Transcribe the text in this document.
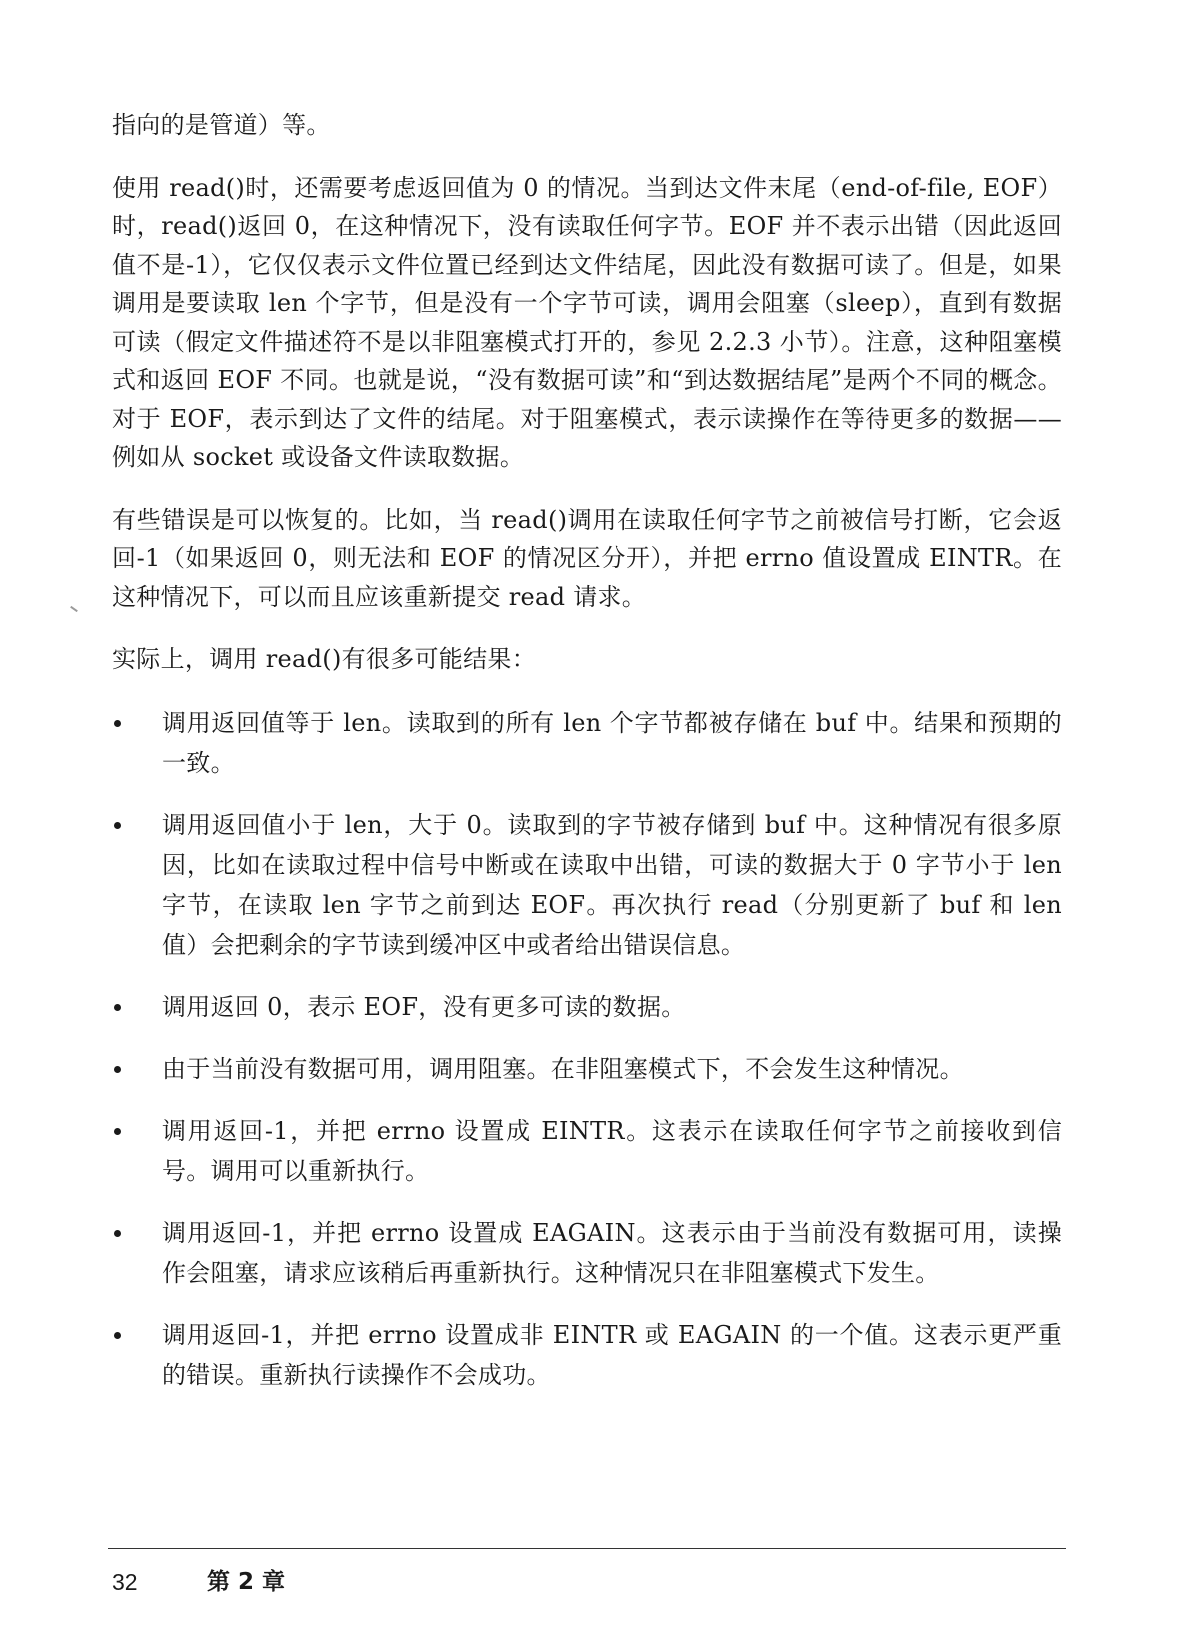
指向的是管道）等。

使用 read()时，还需要考虑返回值为 0 的情况。当到达文件末尾（end-of-file, EOF）时，read()返回 0，在这种情况下，没有读取任何字节。EOF 并不表示出错（因此返回值不是-1），它仅仅表示文件位置已经到达文件结尾，因此没有数据可读了。但是，如果调用是要读取 len 个字节，但是没有一个字节可读，调用会阻塞（sleep），直到有数据可读（假定文件描述符不是以非阻塞模式打开的，参见 2.2.3 小节）。注意，这种阻塞模式和返回 EOF 不同。也就是说，“没有数据可读”和“到达数据结尾”是两个不同的概念。对于 EOF，表示到达了文件的结尾。对于阻塞模式，表示读操作在等待更多的数据——例如从 socket 或设备文件读取数据。

有些错误是可以恢复的。比如，当 read()调用在读取任何字节之前被信号打断，它会返回-1（如果返回 0，则无法和 EOF 的情况区分开），并把 errno 值设置成 EINTR。在这种情况下，可以而且应该重新提交 read 请求。

实际上，调用 read()有很多可能结果：

调用返回值等于 len。读取到的所有 len 个字节都被存储在 buf 中。结果和预期的一致。
调用返回值小于 len，大于 0。读取到的字节被存储到 buf 中。这种情况有很多原因，比如在读取过程中信号中断或在读取中出错，可读的数据大于 0 字节小于 len 字节，在读取 len 字节之前到达 EOF。再次执行 read（分别更新了 buf 和 len 值）会把剩余的字节读到缓冲区中或者给出错误信息。
调用返回 0，表示 EOF，没有更多可读的数据。
由于当前没有数据可用，调用阻塞。在非阻塞模式下，不会发生这种情况。
调用返回-1，并把 errno 设置成 EINTR。这表示在读取任何字节之前接收到信号。调用可以重新执行。
调用返回-1，并把 errno 设置成 EAGAIN。这表示由于当前没有数据可用，读操作会阻塞，请求应该稍后再重新执行。这种情况只在非阻塞模式下发生。
调用返回-1，并把 errno 设置成非 EINTR 或 EAGAIN 的一个值。这表示更严重的错误。重新执行读操作不会成功。
32	第 2 章
